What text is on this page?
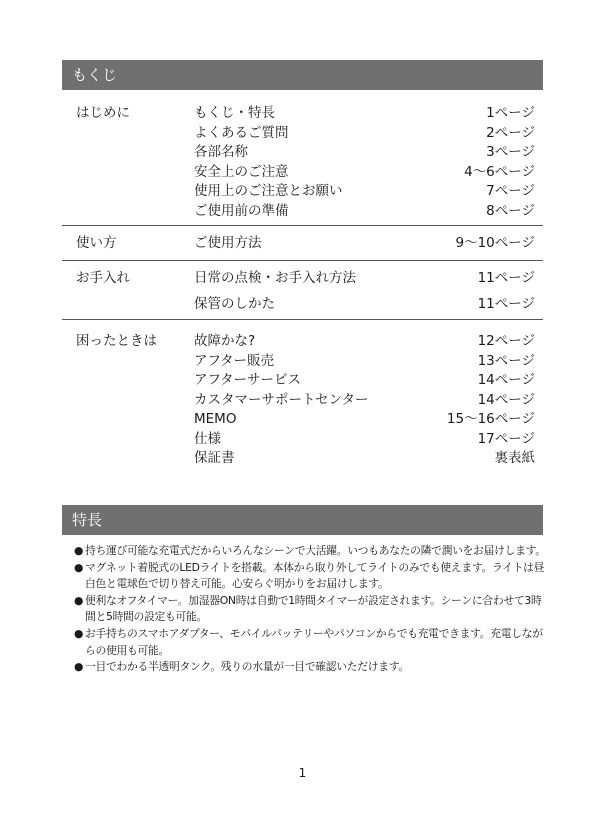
もくじ
はじめに	もくじ・特長	1ページ
よくあるご質問	2ページ
各部名称	3ページ
安全上のご注意	4～6ページ
使用上のご注意とお願い	7ページ
ご使用前の準備	8ページ
使い方	ご使用方法	9～10ページ
お手入れ	日常の点検・お手入れ方法	11ページ
保管のしかた	11ページ
困ったときは	故障かな?	12ページ
アフター販売	13ページ
アフターサービス	14ページ
カスタマーサポートセンター	14ページ
MEMO	15～16ページ
仕様	17ページ
保証書	裏表紙
特長
● 持ち運び可能な充電式だからいろんなシーンで大活躍。いつもあなたの隣で潤いをお届けします。
● マグネット着脱式のLEDライトを搭載。本体から取り外してライトのみでも使えます。ライトは昼白色と電球色で切り替え可能。心安らぐ明かりをお届けします。
● 便利なオフタイマー。加湿器ON時は自動で1時間タイマーが設定されます。シーンに合わせて3時間と5時間の設定も可能。
● お手持ちのスマホアダプター、モバイルバッテリーやパソコンからでも充電できます。充電しながらの使用も可能。
● 一目でわかる半透明タンク。残りの水量が一目で確認いただけます。
1
